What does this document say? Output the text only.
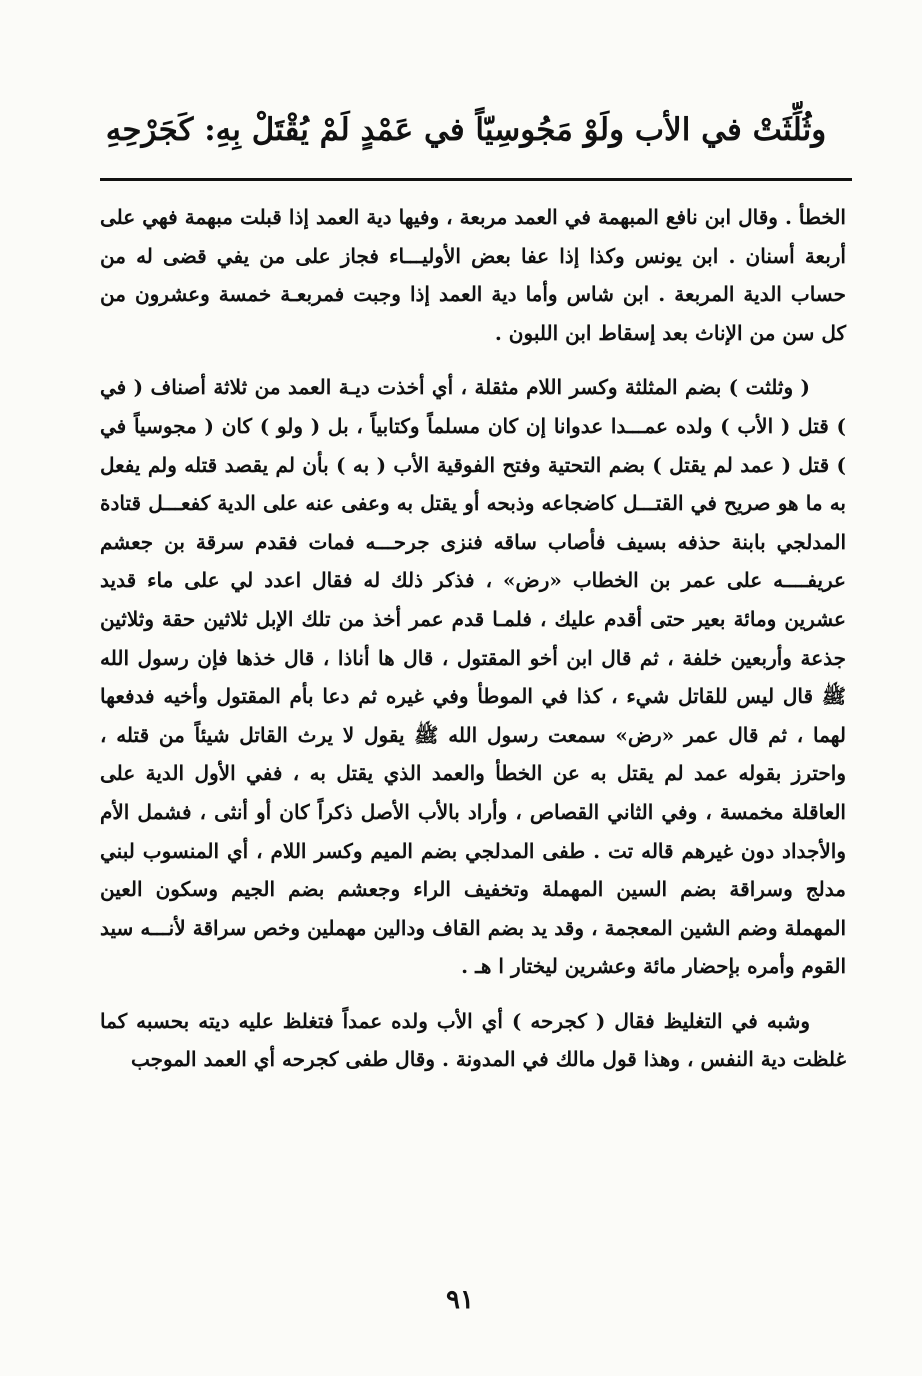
وثُلِّثَتْ في الأب ولَوْ مَجُوسِيّاً في عَمْدٍ لَمْ يُقْتَلْ بِهِ: كَجَرْحِهِ

الخطأ . وقال ابن نافع المبهمة في العمد مربعة ، وفيها دية العمد إذا قبلت مبهمة فهي على أربعة أسنان . ابن يونس وكذا إذا عفا بعض الأوليـــاء فجاز على من يفي قضى له من حساب الدية المربعة . ابن شاس وأما دية العمد إذا وجبت فمربعـة خمسة وعشرون من كل سن من الإناث بعد إسقاط ابن اللبون .

( وثلثت ) بضم المثلثة وكسر اللام مثقلة ، أي أخذت ديـة العمد من ثلاثة أصناف ( في ) قتل ( الأب ) ولده عمـــدا عدوانا إن كان مسلماً وكتابياً ، بل ( ولو ) كان ( مجوسياً في ) قتل ( عمد لم يقتل ) بضم التحتية وفتح الفوقية الأب ( به ) بأن لم يقصد قتله ولم يفعل به ما هو صريح في القتـــل كاضجاعه وذبحه أو يقتل به وعفى عنه على الدية كفعـــل قتادة المدلجي بابنة حذفه بسيف فأصاب ساقه فنزى جرحـــه فمات فقدم سرقة بن جعشم عريفــــه على عمر بن الخطاب «رض» ، فذكر ذلك له فقال اعدد لي على ماء قديد عشرين ومائة بعير حتى أقدم عليك ، فلمـا قدم عمر أخذ من تلك الإبل ثلاثين حقة وثلاثين جذعة وأربعين خلفة ، ثم قال ابن أخو المقتول ، قال ها أناذا ، قال خذها فإن رسول الله ﷺ قال ليس للقاتل شيء ، كذا في الموطأ وفي غيره ثم دعا بأم المقتول وأخيه فدفعها لهما ، ثم قال عمر «رض» سمعت رسول الله ﷺ يقول لا يرث القاتل شيئاً من قتله ، واحترز بقوله عمد لم يقتل به عن الخطأ والعمد الذي يقتل به ، ففي الأول الدية على العاقلة مخمسة ، وفي الثاني القصاص ، وأراد بالأب الأصل ذكراً كان أو أنثى ، فشمل الأم والأجداد دون غيرهم قاله تت . طفى المدلجي بضم الميم وكسر اللام ، أي المنسوب لبني مدلج وسراقة بضم السين المهملة وتخفيف الراء وجعشم بضم الجيم وسكون العين المهملة وضم الشين المعجمة ، وقد يد بضم القاف ودالين مهملين وخص سراقة لأنـــه سيد القوم وأمره بإحضار مائة وعشرين ليختار ا هـ .

وشبه في التغليظ فقال ( كجرحه ) أي الأب ولده عمداً فتغلظ عليه ديته بحسبه كما غلظت دية النفس ، وهذا قول مالك في المدونة . وقال طفى كجرحه أي العمد الموجب

٩١
